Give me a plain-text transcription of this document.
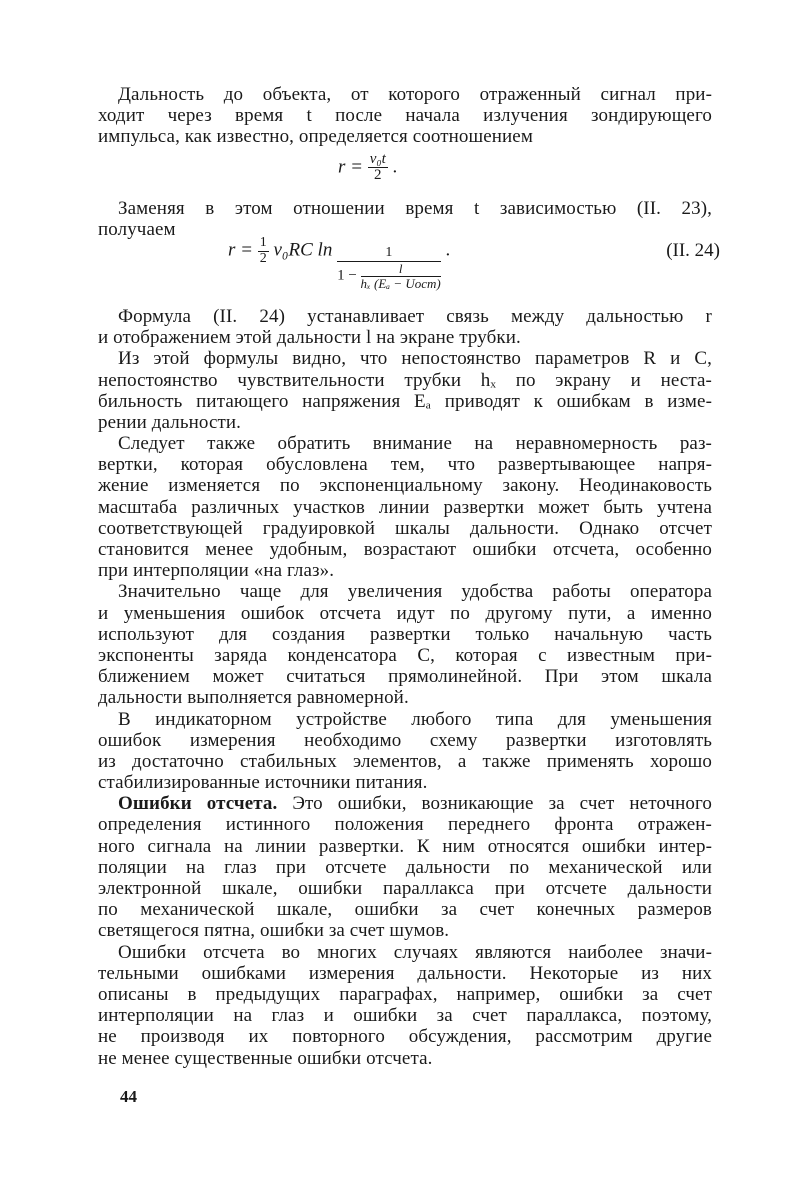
Дальность до объекта, от которого отраженный сигнал при-
ходит через время t после начала излучения зондирующего
импульса, как известно, определяется соотношением
$r = \frac{\text{v₀t}}{2}$ .
Заменяя в этом отношении время t зависимостью (II. 23),
получаем
$r = \frac{1}{2} v_0RC$ $\ln \frac{1}{1 - \frac{l}{\text{hₓ (Eₐ − Uост)}}}$ .	(II. 24)
Формула (II. 24) устанавливает связь между дальностью r
и отображением этой дальности l на экране трубки.
Из этой формулы видно, что непостоянство параметров R и C,
непостоянство чувствительности трубки hₓ по экрану и неста-
бильность питающего напряжения Eₐ приводят к ошибкам в изме-
рении дальности.
Следует также обратить внимание на неравномерность раз-
вертки, которая обусловлена тем, что развертывающее напря-
жение изменяется по экспоненциальному закону. Неодинаковость
масштаба различных участков линии развертки может быть учтена
соответствующей градуировкой шкалы дальности. Однако отсчет
становится менее удобным, возрастают ошибки отсчета, особенно
при интерполяции «на глаз».
Значительно чаще для увеличения удобства работы оператора
и уменьшения ошибок отсчета идут по другому пути, а именно
используют для создания развертки только начальную часть
экспоненты заряда конденсатора C, которая с известным при-
ближением может считаться прямолинейной. При этом шкала
дальности выполняется равномерной.
В индикаторном устройстве любого типа для уменьшения
ошибок измерения необходимо схему развертки изготовлять
из достаточно стабильных элементов, а также применять хорошо
стабилизированные источники питания.
Ошибки отсчета. Это ошибки, возникающие за счет неточного
определения истинного положения переднего фронта отражен-
ного сигнала на линии развертки. К ним относятся ошибки интер-
поляции на глаз при отсчете дальности по механической или
электронной шкале, ошибки параллакса при отсчете дальности
по механической шкале, ошибки за счет конечных размеров
светящегося пятна, ошибки за счет шумов.
Ошибки отсчета во многих случаях являются наиболее значи-
тельными ошибками измерения дальности. Некоторые из них
описаны в предыдущих параграфах, например, ошибки за счет
интерполяции на глаз и ошибки за счет параллакса, поэтому,
не производя их повторного обсуждения, рассмотрим другие
не менее существенные ошибки отсчета.
44
